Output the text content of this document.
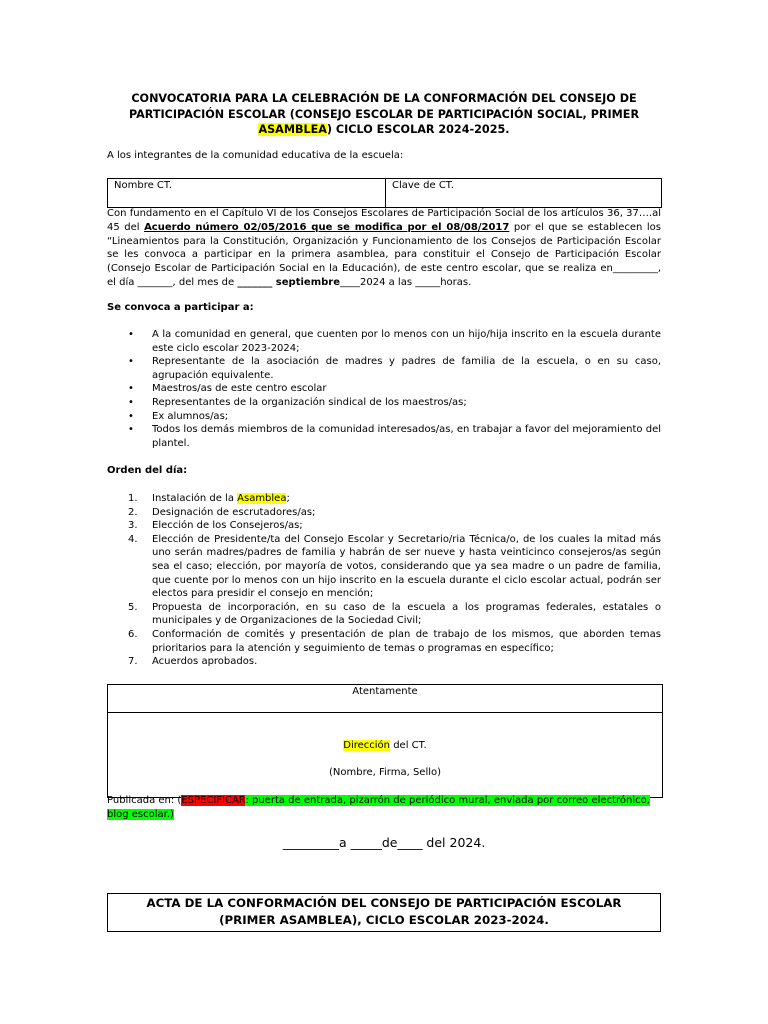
CONVOCATORIA PARA LA CELEBRACIÓN DE LA CONFORMACIÓN DEL CONSEJO DE PARTICIPACIÓN ESCOLAR (CONSEJO ESCOLAR DE PARTICIPACIÓN SOCIAL, PRIMER ASAMBLEA) CICLO ESCOLAR 2024-2025.
A los integrantes de la comunidad educativa de la escuela:
Nombre CT.	Clave de CT.
Con fundamento en el Capítulo VI de los Consejos Escolares de Participación Social de los artículos 36, 37….al 45 del Acuerdo número 02/05/2016 que se modifica por el 08/08/2017 por el que se establecen los “Lineamientos para la Constitución, Organización y Funcionamiento de los Consejos de Participación Escolar se les convoca a participar en la primera asamblea, para constituir el Consejo de Participación Escolar (Consejo Escolar de Participación Social en la Educación), de este centro escolar, que se realiza en_________, el día _______, del mes de _______ septiembre____2024 a las _____horas.
Se convoca a participar a:
• A la comunidad en general, que cuenten por lo menos con un hijo/hija inscrito en la escuela durante este ciclo escolar 2023-2024;
• Representante de la asociación de madres y padres de familia de la escuela, o en su caso, agrupación equivalente.
• Maestros/as de este centro escolar
• Representantes de la organización sindical de los maestros/as;
• Ex alumnos/as;
• Todos los demás miembros de la comunidad interesados/as, en trabajar a favor del mejoramiento del plantel.
Orden del día:
1. Instalación de la Asamblea;
2. Designación de escrutadores/as;
3. Elección de los Consejeros/as;
4. Elección de Presidente/ta del Consejo Escolar y Secretario/ria Técnica/o, de los cuales la mitad más uno serán madres/padres de familia y habrán de ser nueve y hasta veinticinco consejeros/as según sea el caso; elección, por mayoría de votos, considerando que ya sea madre o un padre de familia, que cuente por lo menos con un hijo inscrito en la escuela durante el ciclo escolar actual, podrán ser electos para presidir el consejo en mención;
5. Propuesta de incorporación, en su caso de la escuela a los programas federales, estatales o municipales y de Organizaciones de la Sociedad Civil;
6. Conformación de comités y presentación de plan de trabajo de los mismos, que aborden temas prioritarios para la atención y seguimiento de temas o programas en específico;
7. Acuerdos aprobados.
Atentamente
Dirección del CT.
(Nombre, Firma, Sello)
Publicada en: (ESPECIFICAR: puerta de entrada, pizarrón de periódico mural, enviada por correo electrónico, blog escolar.)
_________a _____de____ del 2024.
ACTA DE LA CONFORMACIÓN DEL CONSEJO DE PARTICIPACIÓN ESCOLAR
(PRIMER ASAMBLEA), CICLO ESCOLAR 2023-2024.
